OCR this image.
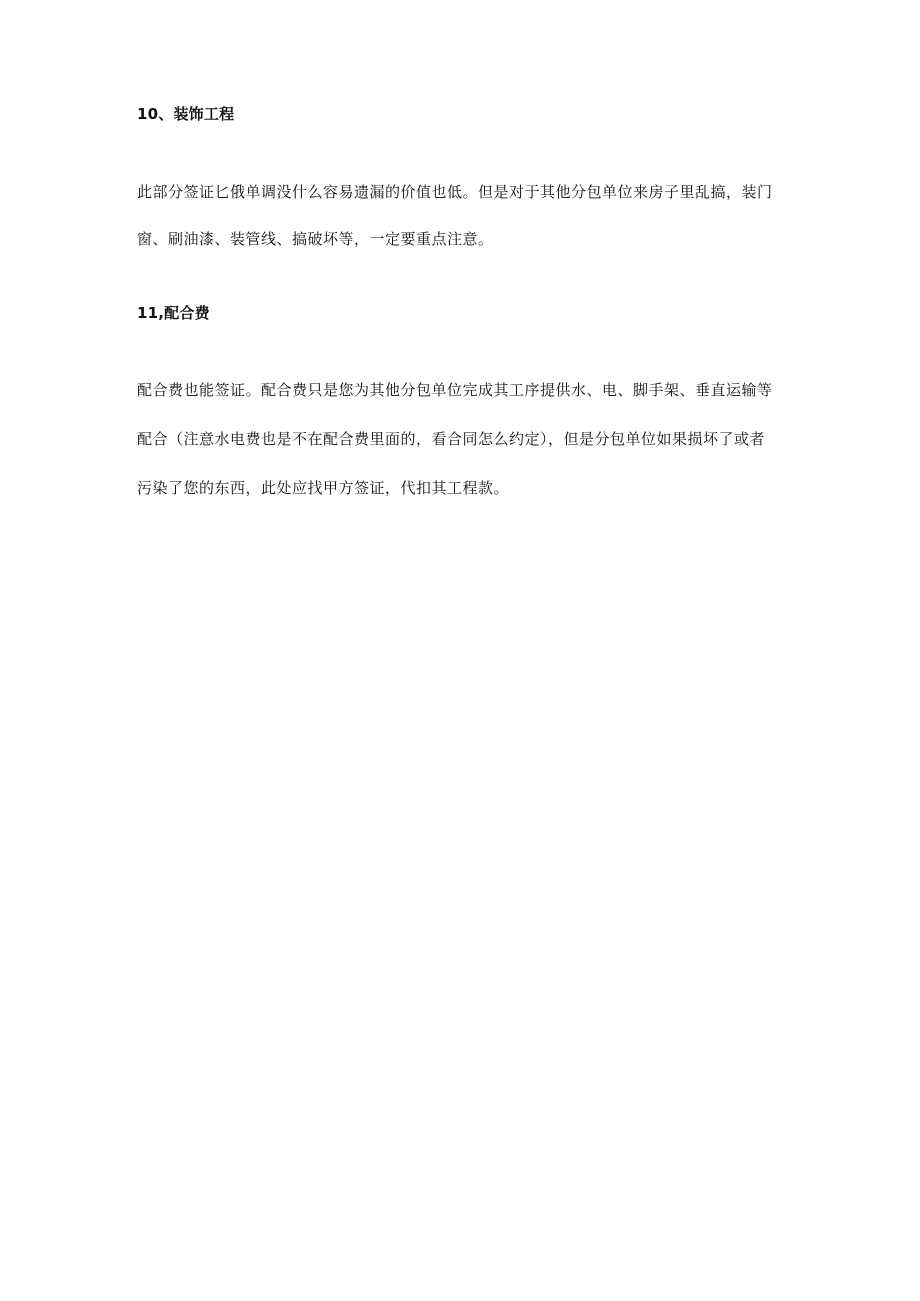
10、装饰工程
此部分签证匕俄单调没什么容易遗漏的价值也低。但是对于其他分包单位来房子里乱搞，装门
窗、刷油漆、装管线、搞破坏等，一定要重点注意。
11,配合费
配合费也能签证。配合费只是您为其他分包单位完成其工序提供水、电、脚手架、垂直运输等
配合（注意水电费也是不在配合费里面的，看合同怎么约定），但是分包单位如果损坏了或者
污染了您的东西，此处应找甲方签证，代扣其工程款。
